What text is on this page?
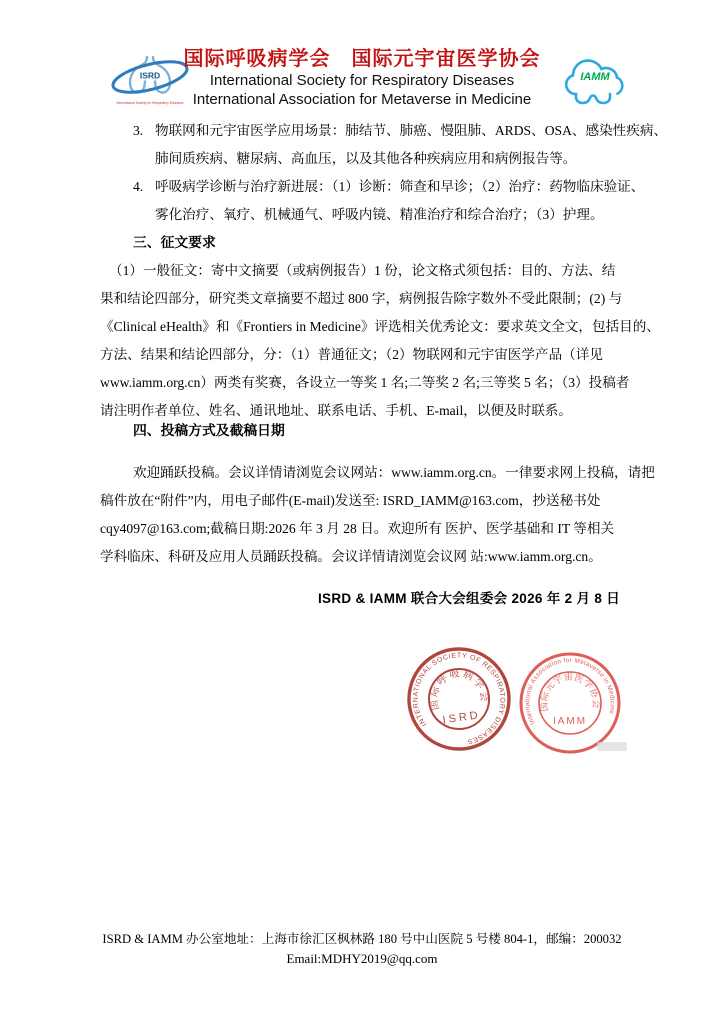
ISRD
International Society for Respiratory Diseases
国际呼吸病学会　国际元宇宙医学协会
International Society for Respiratory Diseases
International Association for Metaverse in Medicine
IAMM
3. 物联网和元宇宙医学应用场景：肺结节、肺癌、慢阻肺、ARDS、OSA、感染性疾病、
肺间质疾病、糖尿病、高血压，以及其他各种疾病应用和病例报告等。
4. 呼吸病学诊断与治疗新进展：（1）诊断：筛查和早诊；（2）治疗：药物临床验证、
雾化治疗、氧疗、机械通气、呼吸内镜、精准治疗和综合治疗；（3）护理。
三、征文要求
（1）一般征文：寄中文摘要（或病例报告）1 份，论文格式须包括：目的、方法、结
果和结论四部分，研究类文章摘要不超过 800 字，病例报告除字数外不受此限制；(2) 与
《Clinical eHealth》和《Frontiers in Medicine》评选相关优秀论文：要求英文全文，包括目的、
方法、结果和结论四部分，分：（1）普通征文；（2）物联网和元宇宙医学产品（详见
www.iamm.org.cn）两类有奖赛，各设立一等奖 1 名;二等奖 2 名;三等奖 5 名；（3）投稿者
请注明作者单位、姓名、通讯地址、联系电话、手机、E-mail，以便及时联系。
四、投稿方式及截稿日期
欢迎踊跃投稿。会议详情请浏览会议网站：www.iamm.org.cn。一律要求网上投稿，请把
稿件放在“附件”内，用电子邮件(E-mail)发送至: ISRD_IAMM@163.com，抄送秘书处
cqy4097@163.com;截稿日期:2026 年 3 月 28 日。欢迎所有 医护、医学基础和 IT 等相关
学科临床、科研及应用人员踊跃投稿。会议详情请浏览会议网 站:www.iamm.org.cn。
ISRD & IAMM 联合大会组委会 2026 年 2 月 8 日
INTERNATIONAL SOCIETY OF RESPIRATORY DISEASES
国际呼吸病学会
ISRD	International Association for Metaverse in Medicine
国际元宇宙医学协会
IAMM
ISRD & IAMM 办公室地址：上海市徐汇区枫林路 180 号中山医院 5 号楼 804-1，邮编：200032
Email:MDHY2019@qq.com
